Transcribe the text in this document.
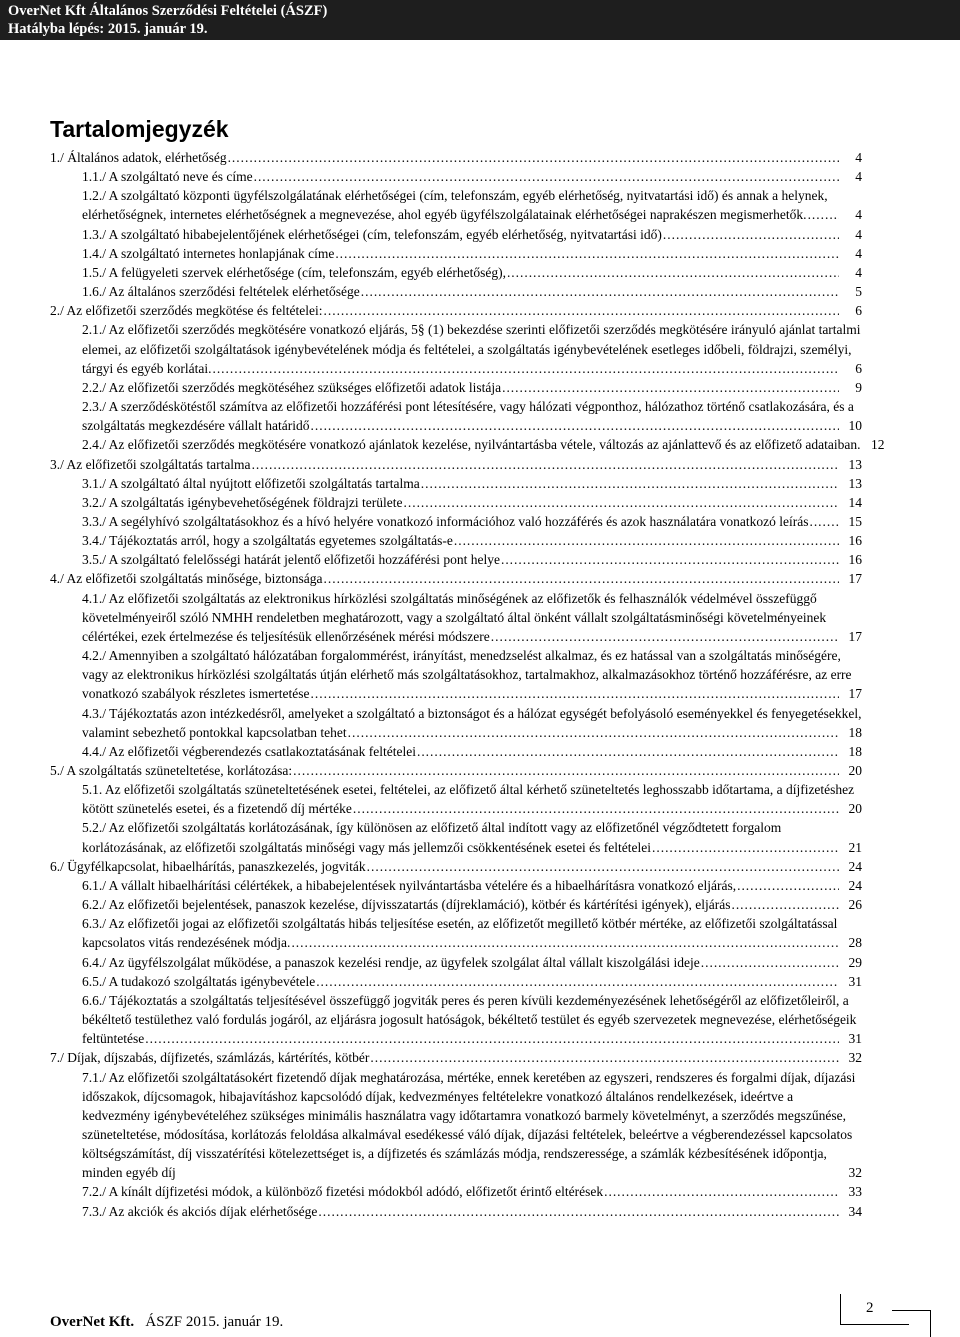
OverNet Kft Általános Szerződési Feltételei (ÁSZF)
Hatályba lépés: 2015. január 19.
Tartalomjegyzék
1./ Általános adatok, elérhetőség . . .	4
1.1./ A szolgáltató neve és címe . . .	4
1.2./ A szolgáltató központi ügyfélszolgálatának elérhetőségei (cím, telefonszám, egyéb elérhetőség, nyitvatartási idő) és annak a helynek,
elérhetőségnek, internetes elérhetőségnek a megnevezése, ahol egyéb ügyfélszolgálatainak elérhetőségei naprakészen megismerhetők. . . .	4
1.3./ A szolgáltató hibabejelentőjének elérhetőségei (cím, telefonszám, egyéb elérhetőség, nyitvatartási idő) . . .	4
1.4./ A szolgáltató internetes honlapjának címe . . .	4
1.5./ A felügyeleti szervek elérhetősége (cím, telefonszám, egyéb elérhetőség), . . .	4
1.6./ Az általános szerződési feltételek elérhetősége . . .	5
2./ Az előfizetői szerződés megkötése és feltételei: . . .	6
2.1./ Az előfizetői szerződés megkötésére vonatkozó eljárás, 5§ (1) bekezdése szerinti előfizetői szerződés megkötésére irányuló ajánlat tartalmi
elemei, az előfizetői szolgáltatások igénybevételének módja és feltételei, a szolgáltatás igénybevételének esetleges időbeli, földrajzi, személyi,
tárgyi és egyéb korlátai. . . .	6
2.2./ Az előfizetői szerződés megkötéséhez szükséges előfizetői adatok listája . . .	9
2.3./ A szerződéskötéstől számítva az előfizetői hozzáférési pont létesítésére, vagy hálózati végponthoz, hálózathoz történő csatlakozására, és a
szolgáltatás megkezdésére vállalt határidő . . .	10
2.4./ Az előfizetői szerződés megkötésére vonatkozó ajánlatok kezelése, nyilvántartásba vétele, változás az ajánlattevő és az előfizető adataiban. 12
3./ Az előfizetői szolgáltatás tartalma . . .	13
3.1./ A szolgáltató által nyújtott előfizetői szolgáltatás tartalma . . .	13
3.2./ A szolgáltatás igénybevehetőségének földrajzi területe . . .	14
3.3./ A segélyhívó szolgáltatásokhoz és a hívó helyére vonatkozó információhoz való hozzáférés és azok használatára vonatkozó leírás . . .	15
3.4./ Tájékoztatás arról, hogy a szolgáltatás egyetemes szolgáltatás-e . . .	16
3.5./ A szolgáltató felelősségi határát jelentő előfizetői hozzáférési pont helye . . .	16
4./ Az előfizetői szolgáltatás minősége, biztonsága . . .	17
4.1./ Az előfizetői szolgáltatás az elektronikus hírközlési szolgáltatás minőségének az előfizetők és felhasználók védelmével összefüggő
követelményeiről szóló NMHH rendeletben meghatározott, vagy a szolgáltató által önként vállalt szolgáltatásminőségi követelményeinek
célértékei, ezek értelmezése és teljesítésük ellenőrzésének mérési módszere . . .	17
4.2./ Amennyiben a szolgáltató hálózatában forgalommérést, irányítást, menedzselést alkalmaz, és ez hatással van a szolgáltatás minőségére,
vagy az elektronikus hírközlési szolgáltatás útján elérhető más szolgáltatásokhoz, tartalmakhoz, alkalmazásokhoz történő hozzáférésre, az erre
vonatkozó szabályok részletes ismertetése . . .	17
4.3./ Tájékoztatás azon intézkedésről, amelyeket a szolgáltató a biztonságot és a hálózat egységét befolyásoló eseményekkel és fenyegetésekkel,
valamint sebezhető pontokkal kapcsolatban tehet . . .	18
4.4./ Az előfizetői végberendezés csatlakoztatásának feltételei . . .	18
5./ A szolgáltatás szüneteltetése, korlátozása: . . .	20
5.1. Az előfizetői szolgáltatás szüneteltetésének esetei, feltételei, az előfizető által kérhető szüneteltetés leghosszabb időtartama, a díjfizetéshez
kötött szünetelés esetei, és a fizetendő díj mértéke . . .	20
5.2./ Az előfizetői szolgáltatás korlátozásának, így különösen az előfizető által indított vagy az előfizetőnél végződtetett forgalom
korlátozásának, az előfizetői szolgáltatás minőségi vagy más jellemzői csökkentésének esetei és feltételei . . .	21
6./ Ügyfélkapcsolat, hibaelhárítás, panaszkezelés, jogviták . . .	24
6.1./ A vállalt hibaelhárítási célértékek, a hibabejelentések nyilvántartásba vételére és a hibaelhárításra vonatkozó eljárás, . . .	24
6.2./ Az előfizetői bejelentések, panaszok kezelése, díjvisszatartás (díjreklamáció), kötbér és kártérítési igények), eljárás . . .	26
6.3./ Az előfizetői jogai az előfizetői szolgáltatás hibás teljesítése esetén, az előfizetőt megillető kötbér mértéke, az előfizetői szolgáltatással
kapcsolatos vitás rendezésének módja. . . .	28
6.4./ Az ügyfélszolgálat működése, a panaszok kezelési rendje, az ügyfelek szolgálat által vállalt kiszolgálási ideje . . .	29
6.5./ A tudakozó szolgáltatás igénybevétele . . .	31
6.6./ Tájékoztatás a szolgáltatás teljesítésével összefüggő jogviták peres és peren kívüli kezdeményezésének lehetőségéről az előfizetőleiről, a
békéltető testülethez való fordulás jogáról, az eljárásra jogosult hatóságok, békéltető testület és egyéb szervezetek megnevezése, elérhetőségeik
feltüntetése . . .	31
7./ Díjak, díjszabás, díjfizetés, számlázás, kártérítés, kötbér . . .	32
7.1./ Az előfizetői szolgáltatásokért fizetendő díjak meghatározása, mértéke, ennek keretében az egyszeri, rendszeres és forgalmi díjak, díjazási
időszakok, díjcsomagok, hibajavításhoz kapcsolódó díjak, kedvezményes feltételekre vonatkozó általános rendelkezések, ideértve a
kedvezmény igénybevételéhez szükséges minimális használatra vagy időtartamra vonatkozó barmely követelményt, a szerződés megszűnése,
szüneteltetése, módosítása, korlátozás feloldása alkalmával esedékessé váló díjak, díjazási feltételek, beleértve a végberendezéssel kapcsolatos
költségszámítást, díj visszatérítési kötelezettséget is, a díjfizetés és számlázás módja, rendszeressége, a számlák kézbesítésének időpontja,
minden egyéb díj	32
7.2./ A kínált díjfizetési módok, a különböző fizetési módokból adódó, előfizetőt érintő eltérések . . .	33
7.3./ Az akciók és akciós díjak elérhetősége . . .	34
2
OverNet Kft. ÁSZF 2015. január 19.
